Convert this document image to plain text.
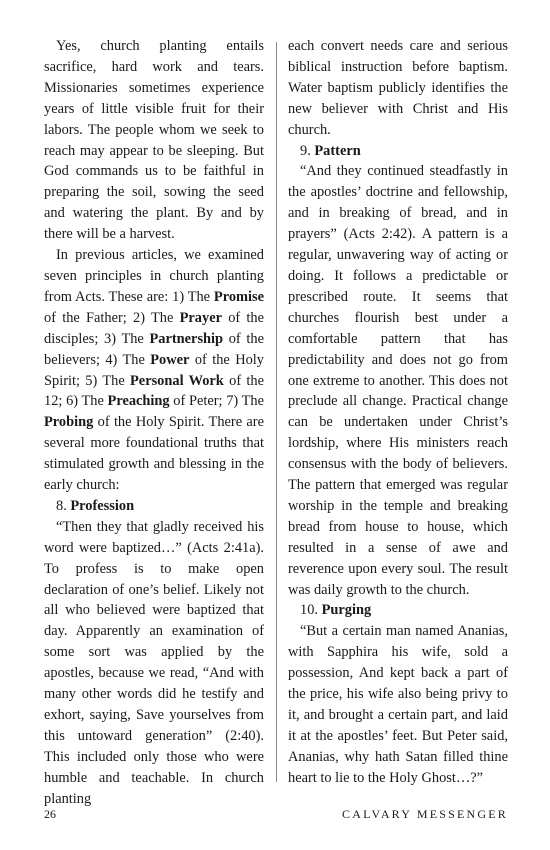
Yes, church planting entails sacrifice, hard work and tears. Missionaries sometimes experience years of little visible fruit for their labors. The people whom we seek to reach may appear to be sleeping. But God commands us to be faithful in preparing the soil, sowing the seed and watering the plant. By and by there will be a harvest.

In previous articles, we examined seven principles in church planting from Acts. These are: 1) The Promise of the Father; 2) The Prayer of the disciples; 3) The Partnership of the believers; 4) The Power of the Holy Spirit; 5) The Personal Work of the 12; 6) The Preaching of Peter; 7) The Probing of the Holy Spirit. There are several more foundational truths that stimulated growth and blessing in the early church:

8. Profession

“Then they that gladly received his word were baptized…” (Acts 2:41a). To profess is to make open declaration of one’s belief. Likely not all who believed were baptized that day. Apparently an examination of some sort was applied by the apostles, because we read, “And with many other words did he testify and exhort, saying, Save yourselves from this untoward generation” (2:40). This included only those who were humble and teachable. In church planting

each convert needs care and serious biblical instruction before baptism. Water baptism publicly identifies the new believer with Christ and His church.

9. Pattern

“And they continued steadfastly in the apostles’ doctrine and fellowship, and in breaking of bread, and in prayers” (Acts 2:42). A pattern is a regular, unwavering way of acting or doing. It follows a predictable or prescribed route. It seems that churches flourish best under a comfortable pattern that has predictability and does not go from one extreme to another. This does not preclude all change. Practical change can be undertaken under Christ’s lordship, where His ministers reach consensus with the body of believers. The pattern that emerged was regular worship in the temple and breaking bread from house to house, which resulted in a sense of awe and reverence upon every soul. The result was daily growth to the church.

10. Purging

“But a certain man named Ananias, with Sapphira his wife, sold a possession, And kept back a part of the price, his wife also being privy to it, and brought a certain part, and laid it at the apostles’ feet. But Peter said, Ananias, why hath Satan filled thine heart to lie to the Holy Ghost…?”

26	CALVARY MESSENGER
